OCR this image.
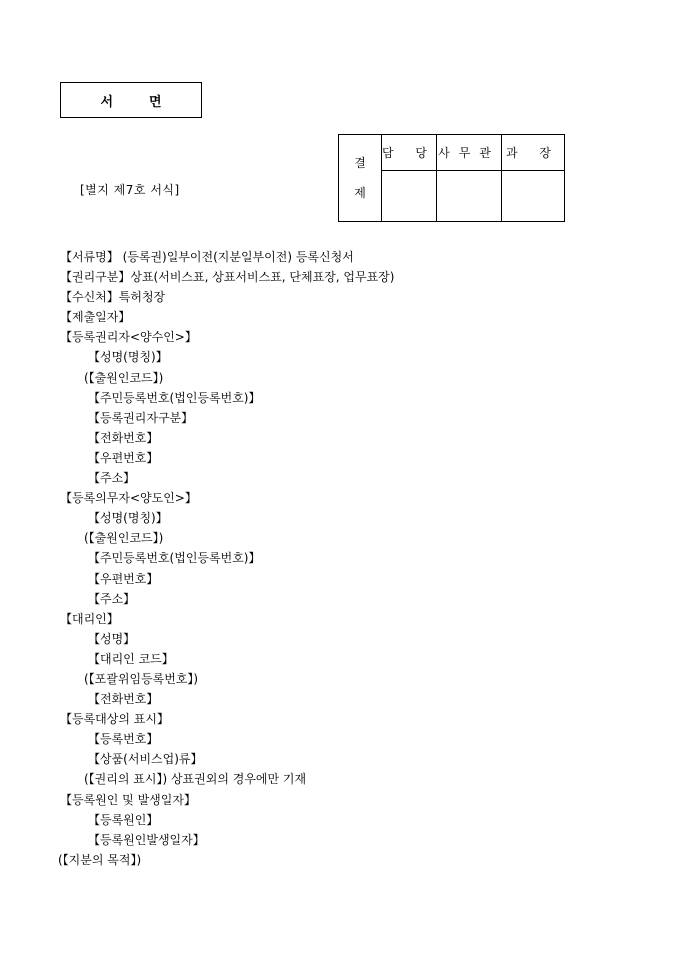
서면
[별지 제7호 서식]
결
제	담 당	사무관	과 장

【서류명】 (등록권)일부이전(지분일부이전) 등록신청서
【권리구분】상표(서비스표, 상표서비스표, 단체표장, 업무표장)
【수신처】특허청장
【제출일자】
【등록권리자<양수인>】
【성명(명칭)】
(【출원인코드】)
【주민등록번호(법인등록번호)】
【등록권리자구분】
【전화번호】
【우편번호】
【주소】
【등록의무자<양도인>】
【성명(명칭)】
(【출원인코드】)
【주민등록번호(법인등록번호)】
【우편번호】
【주소】
【대리인】
【성명】
【대리인 코드】
(【포괄위임등록번호】)
【전화번호】
【등록대상의 표시】
【등록번호】
【상품(서비스업)류】
(【권리의 표시】) 상표권외의 경우에만 기재
【등록원인 및 발생일자】
【등록원인】
【등록원인발생일자】
(【지분의 목적】)
